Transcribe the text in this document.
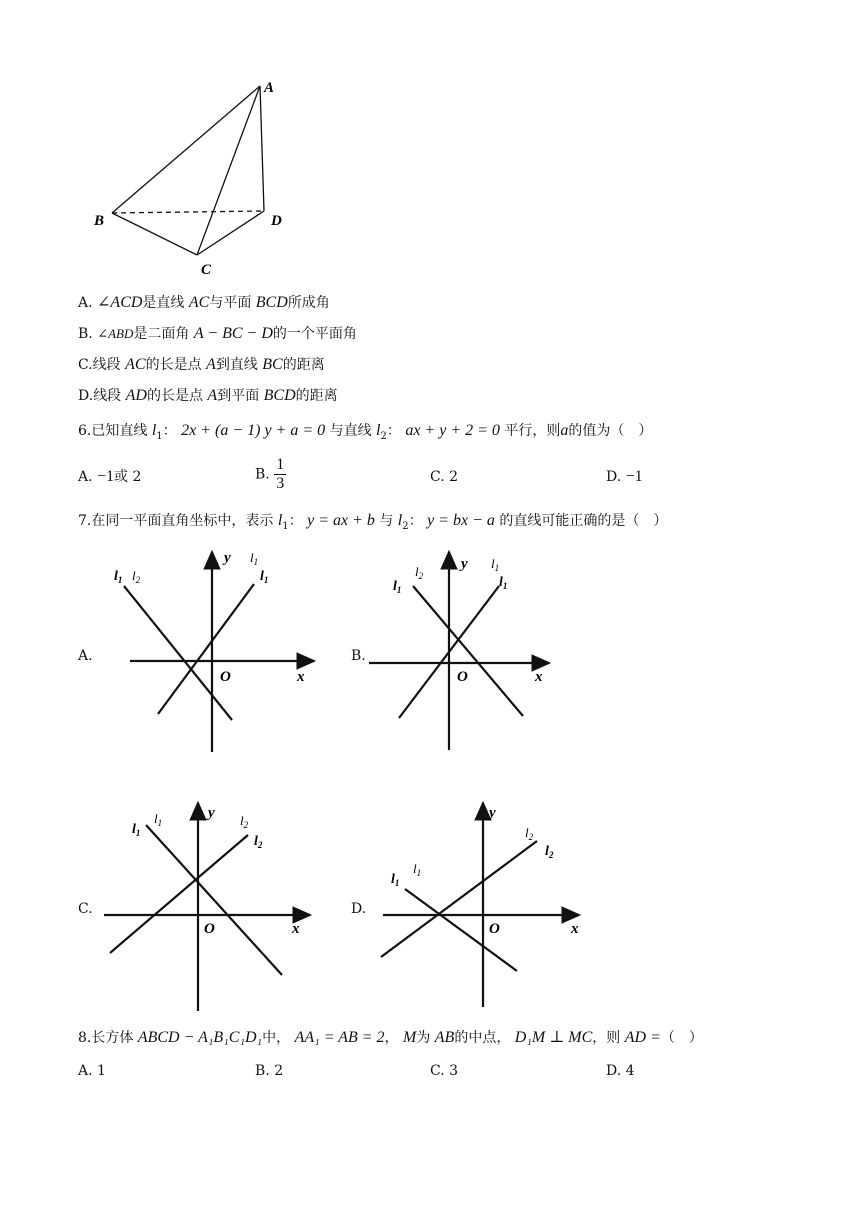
A
B
C
D
A. ∠ACD是直线 AC与平面 BCD所成角
B. ∠ABD是二面角 A − BC − D的一个平面角
C.线段 AC的长是点 A到直线 BC的距离
D.线段 AD的长是点 A到平面 BCD的距离
6.已知直线 $l_1$： 2x + (a − 1) y + a = 0 与直线 $l_2$： ax + y + 2 = 0 平行，则a的值为（　）
A. −1或 2	B. $\frac{1}{3}$	C. 2	D. −1
7.在同一平面直角坐标中，表示 $l_1$： y = ax + b 与 $l_2$： y = bx − a 的直线可能正确的是（　）
A.	B.
C.	D.
y
O	x
$l_1$ $l_2$
$l_1$
$l_1$
y
O	x
$l_2$
$l_1$
$l_1$
$l_1$
y
O	x
$l_1$
$l_1$	$l_2$
$l_2$
y
O	x
$l_1$
$l_1$
$l_2$
$l_2$
8.长方体 ABCD − A₁B₁C₁D₁中， AA₁ = AB = 2， M为 AB的中点， D₁M ⊥ MC，则 AD =（　）
A. 1	B. 2	C. 3	D. 4
